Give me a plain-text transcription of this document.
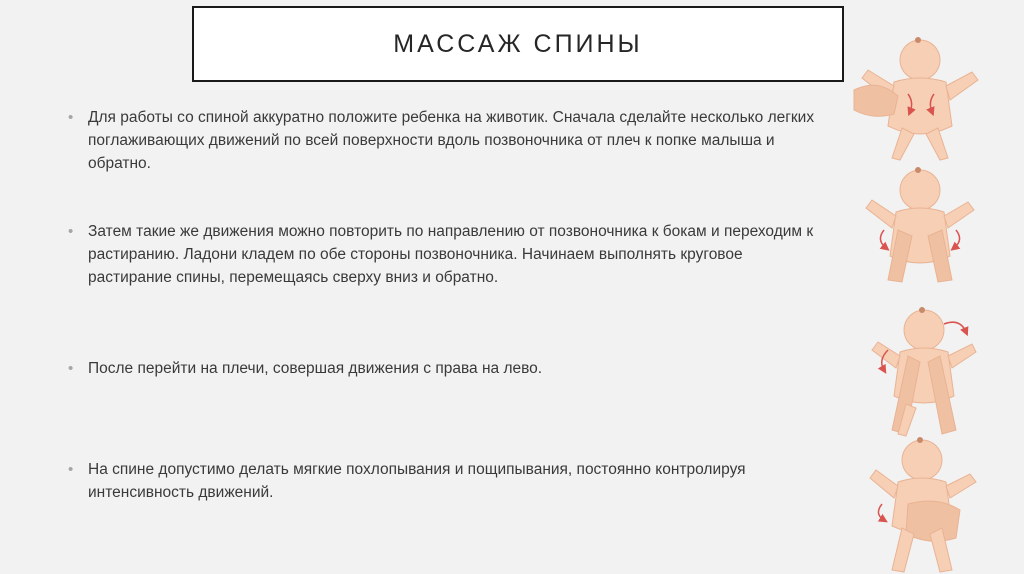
МАССАЖ СПИНЫ
• Для работы со спиной аккуратно положите ребенка на животик. Сначала сделайте несколько легких поглаживающих движений по всей поверхности вдоль позвоночника от плеч к попке малыша и обратно.
• Затем такие же движения можно повторить по направлению от позвоночника к бокам и переходим к растиранию. Ладони кладем по обе стороны позвоночника. Начинаем выполнять круговое растирание спины, перемещаясь сверху вниз и обратно.
• После перейти на плечи, совершая движения с права на лево.
• На спине допустимо делать мягкие похлопывания и пощипывания, постоянно контролируя интенсивность движений.
